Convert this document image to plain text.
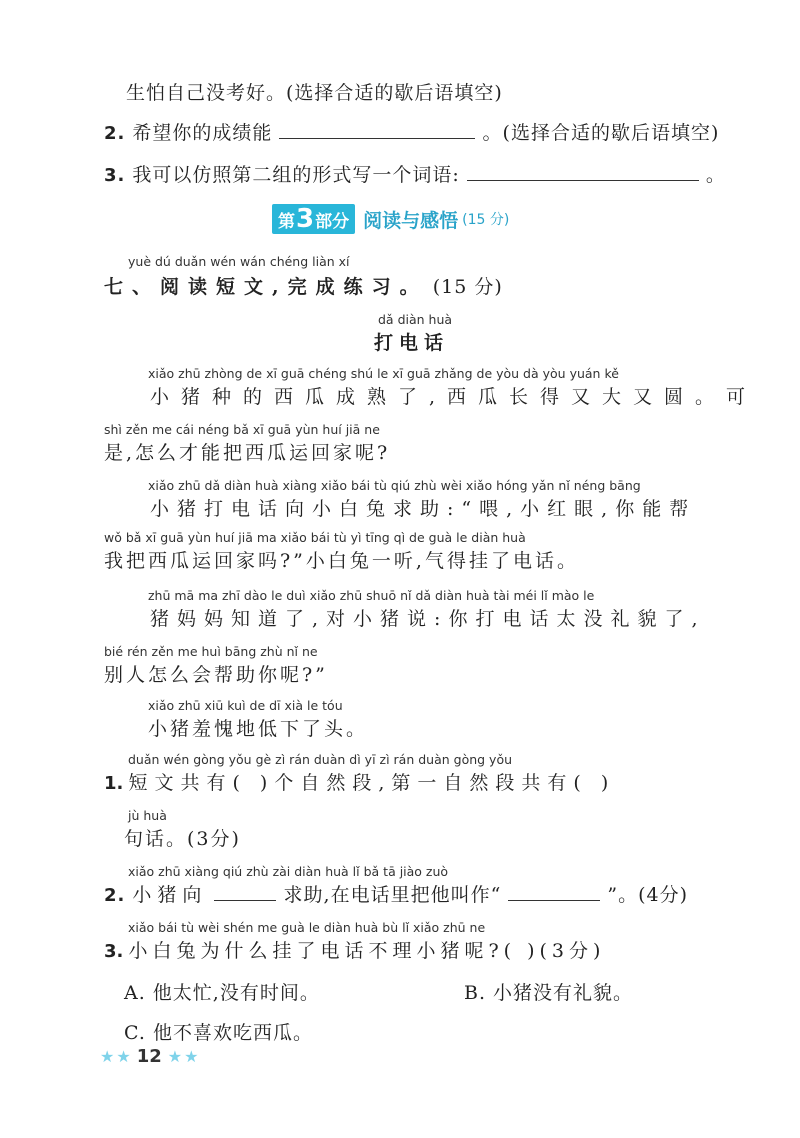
生怕自己没考好。(选择合适的歇后语填空)
2. 希望你的成绩能	。(选择合适的歇后语填空)
3. 我可以仿照第二组的形式写一个词语:	。
第 3 部分 阅读与感悟 (15 分)
yuè dú duǎn wén wán chéng liàn xí
七、阅读短文,完成练习。 (15 分)
dǎ diàn huà
打电话
xiǎo zhū zhòng de xī guā chéng shú le xī guā zhǎng de yòu dà yòu yuán kě
小猪种的西瓜成熟了,西瓜长得又大又圆。可
shì zěn me cái néng bǎ xī guā yùn huí jiā ne
是,怎么才能把西瓜运回家呢?
xiǎo zhū dǎ diàn huà xiàng xiǎo bái tù qiú zhù wèi xiǎo hóng yǎn nǐ néng bāng
小猪打电话向小白兔求助:“喂,小红眼,你能帮
wǒ bǎ xī guā yùn huí jiā ma xiǎo bái tù yì tīng qì de guà le diàn huà
我把西瓜运回家吗?”小白兔一听,气得挂了电话。
zhū mā ma zhī dào le duì xiǎo zhū shuō nǐ dǎ diàn huà tài méi lǐ mào le
猪妈妈知道了,对小猪说:你打电话太没礼貌了,
bié rén zěn me huì bāng zhù nǐ ne
别人怎么会帮助你呢?”
xiǎo zhū xiū kuì de dī xià le tóu
小猪羞愧地低下了头。
duǎn wén gòng yǒu gè zì rán duàn dì yī zì rán duàn gòng yǒu
1. 短文共有( )个自然段,第一自然段共有( )
jù huà
句话。(3分)
xiǎo zhū xiàng qiú zhù zài diàn huà lǐ bǎ tā jiào zuò
2. 小猪向	求助,在电话里把他叫作“	”。(4分)
xiǎo bái tù wèi shén me guà le diàn huà bù lǐ xiǎo zhū ne
3. 小白兔为什么挂了电话不理小猪呢?( )(3分)
A. 他太忙,没有时间。	B. 小猪没有礼貌。
C. 他不喜欢吃西瓜。
★ ★ 12 ★ ★
